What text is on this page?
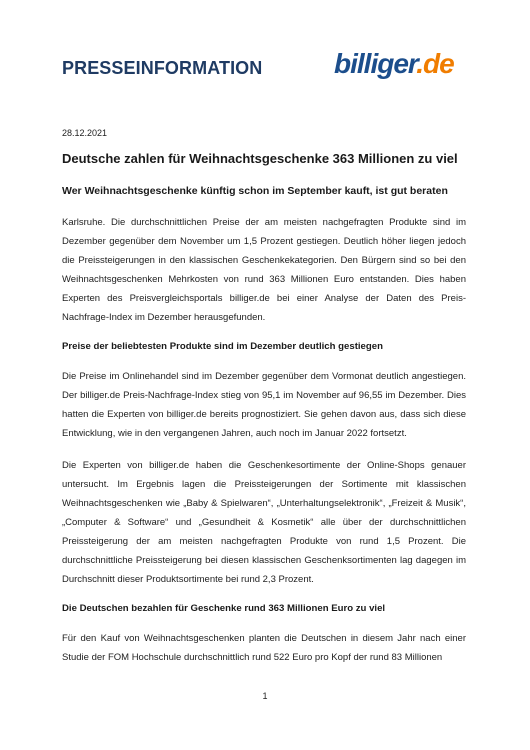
PRESSEINFORMATION	billiger.de
28.12.2021
Deutsche zahlen für Weihnachtsgeschenke 363 Millionen zu viel
Wer Weihnachtsgeschenke künftig schon im September kauft, ist gut beraten

Karlsruhe. Die durchschnittlichen Preise der am meisten nachgefragten Produkte sind im Dezember gegenüber dem November um 1,5 Prozent gestiegen. Deutlich höher liegen jedoch die Preissteigerungen in den klassischen Geschenkekategorien. Den Bürgern sind so bei den Weihnachtsgeschenken Mehrkosten von rund 363 Millionen Euro entstanden. Dies haben Experten des Preisvergleichsportals billiger.de bei einer Analyse der Daten des Preis-Nachfrage-Index im Dezember herausgefunden.

Preise der beliebtesten Produkte sind im Dezember deutlich gestiegen

Die Preise im Onlinehandel sind im Dezember gegenüber dem Vormonat deutlich angestiegen. Der billiger.de Preis-Nachfrage-Index stieg von 95,1 im November auf 96,55 im Dezember. Dies hatten die Experten von billiger.de bereits prognostiziert. Sie gehen davon aus, dass sich diese Entwicklung, wie in den vergangenen Jahren, auch noch im Januar 2022 fortsetzt.

Die Experten von billiger.de haben die Geschenkesortimente der Online-Shops genauer untersucht. Im Ergebnis lagen die Preissteigerungen der Sortimente mit klassischen Weihnachtsgeschenken wie „Baby & Spielwaren“, „Unterhaltungselektronik“, „Freizeit & Musik“, „Computer & Software“ und „Gesundheit & Kosmetik“ alle über der durchschnittlichen Preissteigerung der am meisten nachgefragten Produkte von rund 1,5 Prozent. Die durchschnittliche Preissteigerung bei diesen klassischen Geschenksortimenten lag dagegen im Durchschnitt dieser Produktsortimente bei rund 2,3 Prozent.

Die Deutschen bezahlen für Geschenke rund 363 Millionen Euro zu viel

Für den Kauf von Weihnachtsgeschenken planten die Deutschen in diesem Jahr nach einer Studie der FOM Hochschule durchschnittlich rund 522 Euro pro Kopf der rund 83 Millionen

1
